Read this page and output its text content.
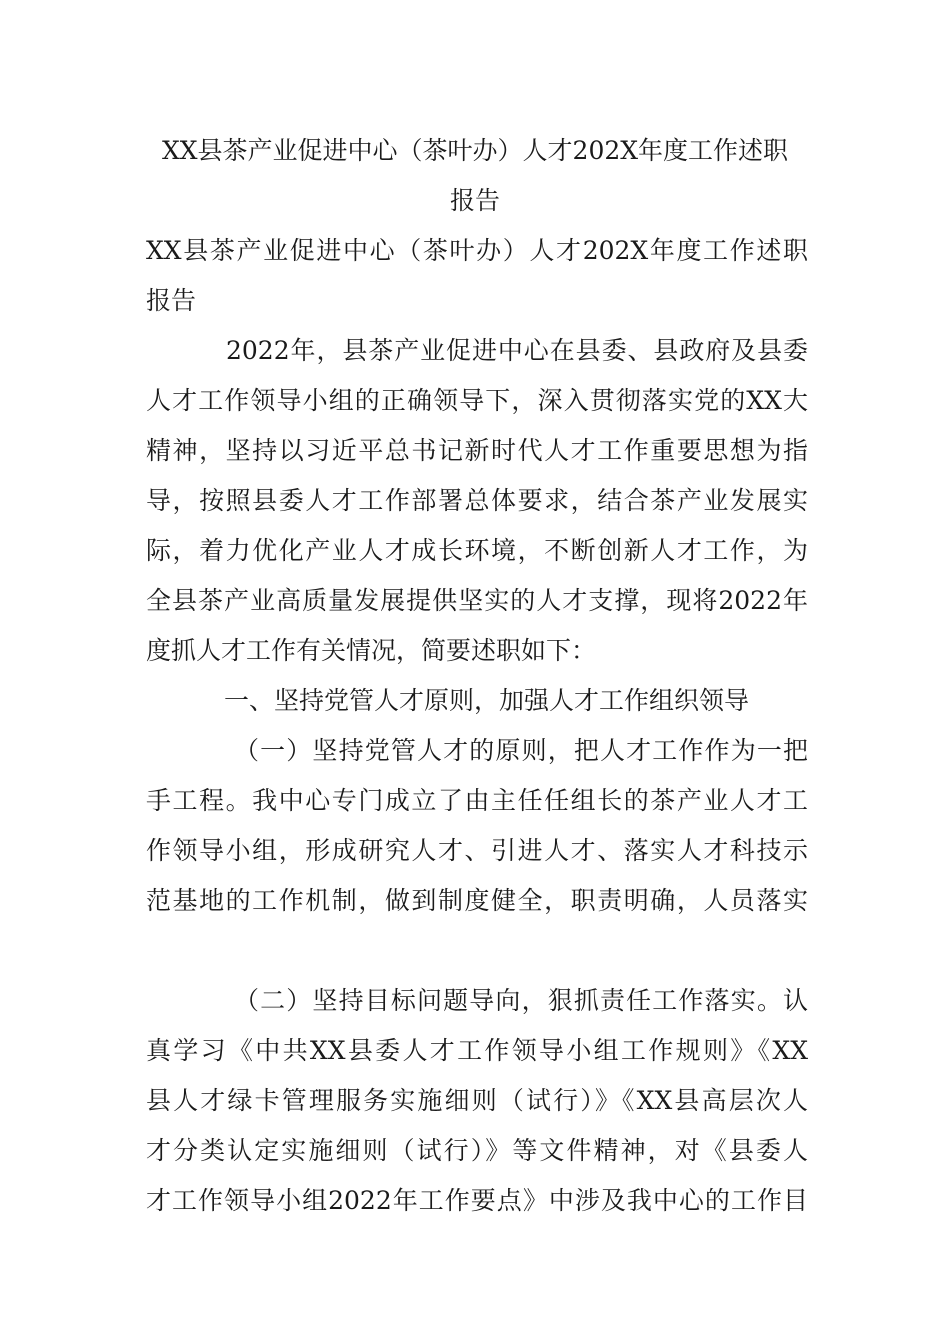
XX县茶产业促进中心（茶叶办）人才202X年度工作述职
报告
XX县茶产业促进中心（茶叶办）人才202X年度工作述职
报告
2022年，县茶产业促进中心在县委、县政府及县委
人才工作领导小组的正确领导下，深入贯彻落实党的XX大
精神，坚持以习近平总书记新时代人才工作重要思想为指
导，按照县委人才工作部署总体要求，结合茶产业发展实
际，着力优化产业人才成长环境，不断创新人才工作，为
全县茶产业高质量发展提供坚实的人才支撑，现将2022年
度抓人才工作有关情况，简要述职如下：
一、坚持党管人才原则，加强人才工作组织领导
（一）坚持党管人才的原则，把人才工作作为一把
手工程。我中心专门成立了由主任任组长的茶产业人才工
作领导小组，形成研究人才、引进人才、落实人才科技示
范基地的工作机制，做到制度健全，职责明确，人员落实
（二）坚持目标问题导向，狠抓责任工作落实。认
真学习《中共XX县委人才工作领导小组工作规则》《XX
县人才绿卡管理服务实施细则（试行）》《XX县高层次人
才分类认定实施细则（试行）》等文件精神，对《县委人
才工作领导小组2022年工作要点》中涉及我中心的工作目
